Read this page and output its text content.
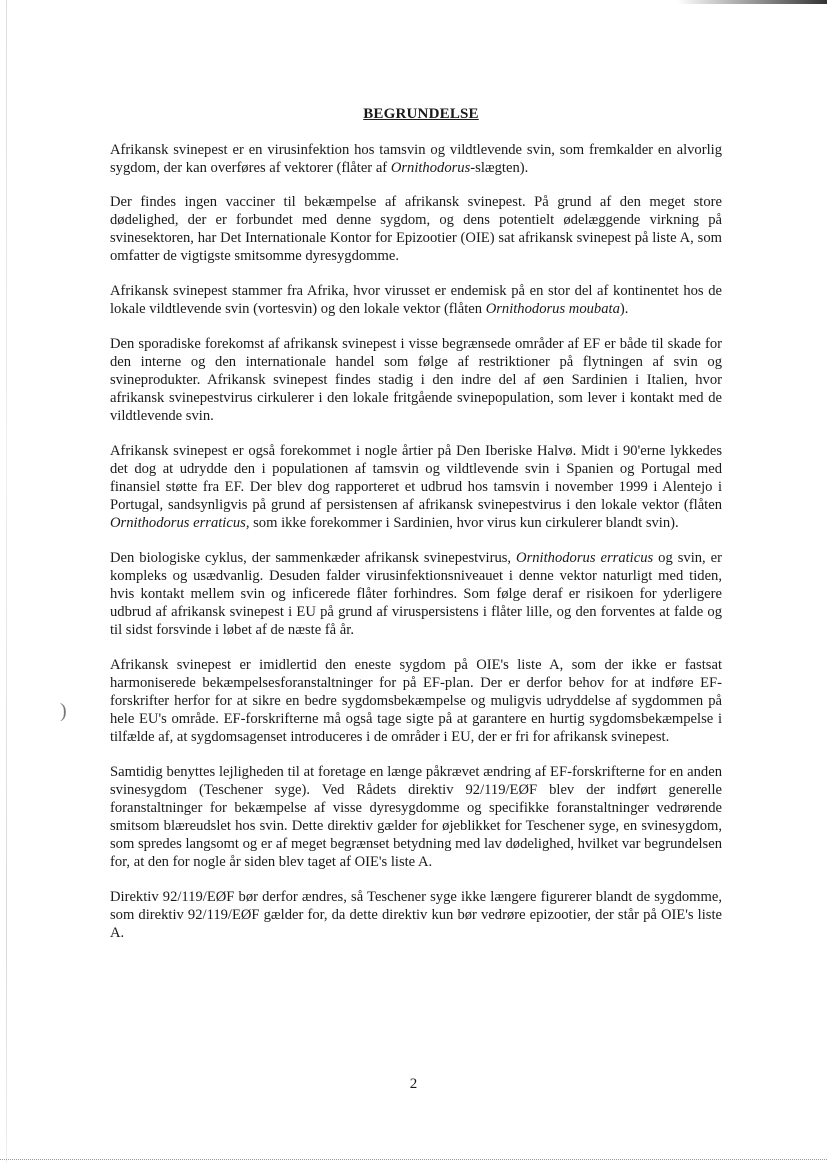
)
BEGRUNDELSE

Afrikansk svinepest er en virusinfektion hos tamsvin og vildtlevende svin, som fremkalder en alvorlig sygdom, der kan overføres af vektorer (flåter af Ornithodorus-slægten).

Der findes ingen vacciner til bekæmpelse af afrikansk svinepest. På grund af den meget store dødelighed, der er forbundet med denne sygdom, og dens potentielt ødelæggende virkning på svinesektoren, har Det Internationale Kontor for Epizootier (OIE) sat afrikansk svinepest på liste A, som omfatter de vigtigste smitsomme dyresygdomme.

Afrikansk svinepest stammer fra Afrika, hvor virusset er endemisk på en stor del af kontinentet hos de lokale vildtlevende svin (vortesvin) og den lokale vektor (flåten Ornithodorus moubata).

Den sporadiske forekomst af afrikansk svinepest i visse begrænsede områder af EF er både til skade for den interne og den internationale handel som følge af restriktioner på flytningen af svin og svineprodukter. Afrikansk svinepest findes stadig i den indre del af øen Sardinien i Italien, hvor afrikansk svinepestvirus cirkulerer i den lokale fritgående svinepopulation, som lever i kontakt med de vildtlevende svin.

Afrikansk svinepest er også forekommet i nogle årtier på Den Iberiske Halvø. Midt i 90'erne lykkedes det dog at udrydde den i populationen af tamsvin og vildtlevende svin i Spanien og Portugal med finansiel støtte fra EF. Der blev dog rapporteret et udbrud hos tamsvin i november 1999 i Alentejo i Portugal, sandsynligvis på grund af persistensen af afrikansk svinepestvirus i den lokale vektor (flåten Ornithodorus erraticus, som ikke forekommer i Sardinien, hvor virus kun cirkulerer blandt svin).

Den biologiske cyklus, der sammenkæder afrikansk svinepestvirus, Ornithodorus erraticus og svin, er kompleks og usædvanlig. Desuden falder virusinfektionsniveauet i denne vektor naturligt med tiden, hvis kontakt mellem svin og inficerede flåter forhindres. Som følge deraf er risikoen for yderligere udbrud af afrikansk svinepest i EU på grund af viruspersistens i flåter lille, og den forventes at falde og til sidst forsvinde i løbet af de næste få år.

Afrikansk svinepest er imidlertid den eneste sygdom på OIE's liste A, som der ikke er fastsat harmoniserede bekæmpelsesforanstaltninger for på EF-plan. Der er derfor behov for at indføre EF-forskrifter herfor for at sikre en bedre sygdomsbekæmpelse og muligvis udryddelse af sygdommen på hele EU's område. EF-forskrifterne må også tage sigte på at garantere en hurtig sygdomsbekæmpelse i tilfælde af, at sygdomsagenset introduceres i de områder i EU, der er fri for afrikansk svinepest.

Samtidig benyttes lejligheden til at foretage en længe påkrævet ændring af EF-forskrifterne for en anden svinesygdom (Teschener syge). Ved Rådets direktiv 92/119/EØF blev der indført generelle foranstaltninger for bekæmpelse af visse dyresygdomme og specifikke foranstaltninger vedrørende smitsom blæreudslet hos svin. Dette direktiv gælder for øjeblikket for Teschener syge, en svinesygdom, som spredes langsomt og er af meget begrænset betydning med lav dødelighed, hvilket var begrundelsen for, at den for nogle år siden blev taget af OIE's liste A.

Direktiv 92/119/EØF bør derfor ændres, så Teschener syge ikke længere figurerer blandt de sygdomme, som direktiv 92/119/EØF gælder for, da dette direktiv kun bør vedrøre epizootier, der står på OIE's liste A.

2
